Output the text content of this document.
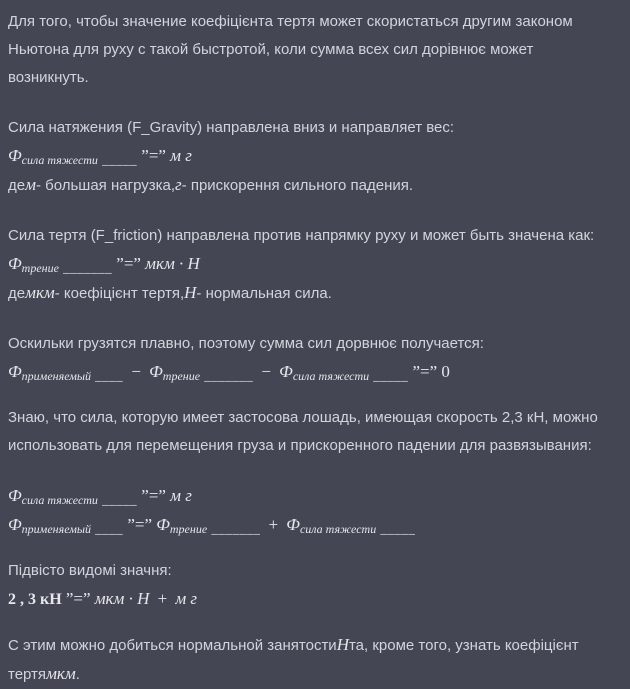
Для того, чтобы значение коефіцієнта тертя может скористаться другим законом

Ньютона для руху с такой быстротой, коли сумма всех сил дорівнює может

возникнуть.

Сила натяжения (F_Gravity) направлена вниз и направляет вес:

$Ф_{сила тяжести}$ _____ ”=” м г

дем- большая нагрузка,г- прискорення сильного падения.

Сила тертя (F_friction) направлена против напрямку руху и может быть значена как:

$Ф_{трение}$ _______ ”=” мкм · Н

демкм- коефіцієнт тертя,Н- нормальная сила.

Оскильки грузятся плавно, поэтому сумма сил дорвнює получается:

$Ф_{применяемый}$ ____ − $Ф_{трение}$ _______ − $Ф_{сила тяжести}$ _____ ”=” 0

Знаю, что сила, которую имеет застосова лошадь, имеющая скорость 2,3 кН, можно

использовать для перемещения груза и прискоренного падении для развязывания:

$Ф_{сила тяжести}$ _____ ”=” м г

$Ф_{применяемый}$ ____ ”=” $Ф_{трение}$ _______ + $Ф_{сила тяжести}$ _____

Підвісто видомі значня:

2 , 3 кН ”=” мкм · Н + м г

С этим можно добиться нормальной занятостиНта, кроме того, узнать коефіцієнт

тертямкм.
